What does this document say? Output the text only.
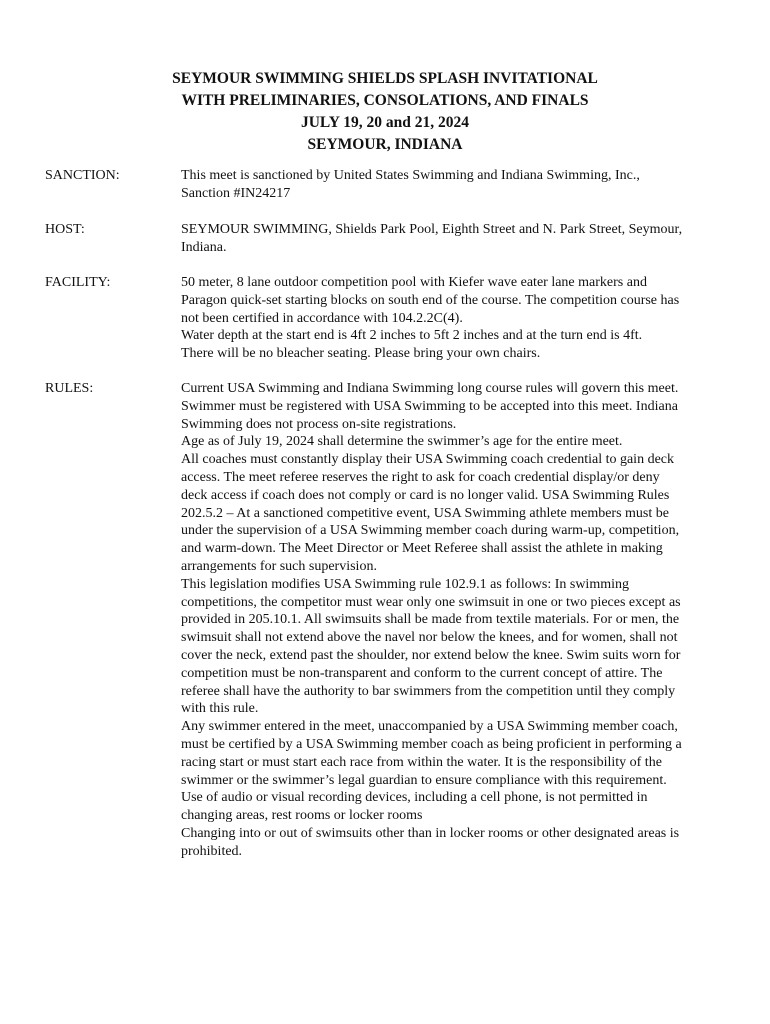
SEYMOUR SWIMMING SHIELDS SPLASH INVITATIONAL
WITH PRELIMINARIES, CONSOLATIONS, AND FINALS
JULY 19, 20 and 21, 2024
SEYMOUR, INDIANA
SANCTION:	This meet is sanctioned by United States Swimming and Indiana Swimming, Inc.,
Sanction #IN24217
HOST:	SEYMOUR SWIMMING, Shields Park Pool, Eighth Street and N. Park Street, Seymour,
Indiana.
FACILITY:	50 meter, 8 lane outdoor competition pool with Kiefer wave eater lane markers and
Paragon quick-set starting blocks on south end of the course. The competition course has
not been certified in accordance with 104.2.2C(4).
Water depth at the start end is 4ft 2 inches to 5ft 2 inches and at the turn end is 4ft.
There will be no bleacher seating. Please bring your own chairs.
RULES:	Current USA Swimming and Indiana Swimming long course rules will govern this meet.
Swimmer must be registered with USA Swimming to be accepted into this meet. Indiana
Swimming does not process on-site registrations.

Age as of July 19, 2024 shall determine the swimmer’s age for the entire meet.

All coaches must constantly display their USA Swimming coach credential to gain deck
access. The meet referee reserves the right to ask for coach credential display/or deny
deck access if coach does not comply or card is no longer valid. USA Swimming Rules
202.5.2 – At a sanctioned competitive event, USA Swimming athlete members must be
under the supervision of a USA Swimming member coach during warm-up, competition,
and warm-down. The Meet Director or Meet Referee shall assist the athlete in making
arrangements for such supervision.

This legislation modifies USA Swimming rule 102.9.1 as follows: In swimming
competitions, the competitor must wear only one swimsuit in one or two pieces except as
provided in 205.10.1. All swimsuits shall be made from textile materials. For or men, the
swimsuit shall not extend above the navel nor below the knees, and for women, shall not
cover the neck, extend past the shoulder, nor extend below the knee. Swim suits worn for
competition must be non-transparent and conform to the current concept of attire. The
referee shall have the authority to bar swimmers from the competition until they comply
with this rule.

Any swimmer entered in the meet, unaccompanied by a USA Swimming member coach,
must be certified by a USA Swimming member coach as being proficient in performing a
racing start or must start each race from within the water. It is the responsibility of the
swimmer or the swimmer’s legal guardian to ensure compliance with this requirement.

Use of audio or visual recording devices, including a cell phone, is not permitted in
changing areas, rest rooms or locker rooms

Changing into or out of swimsuits other than in locker rooms or other designated areas is
prohibited.
